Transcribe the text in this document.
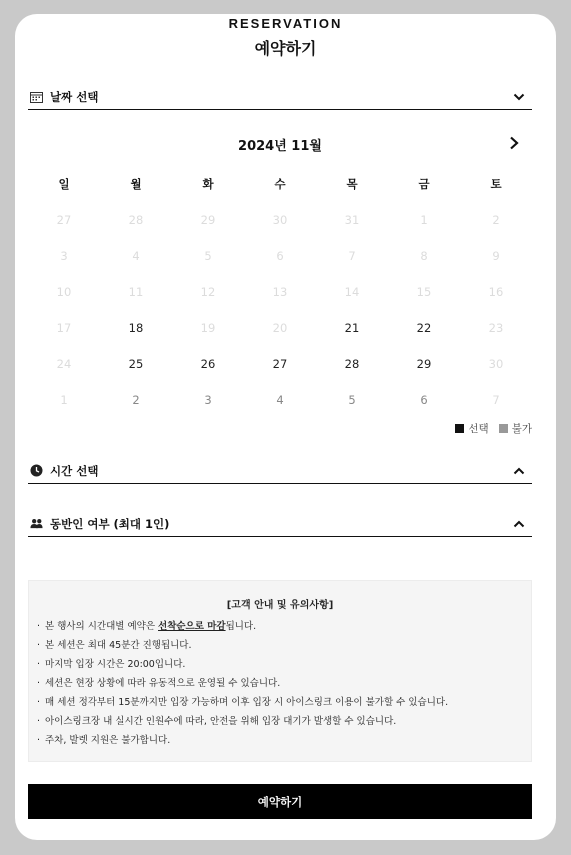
RESERVATION
예약하기
날짜 선택
2024년 11월
일	월	화	수	목	금	토
27	28	29	30	31	1	2
3	4	5	6	7	8	9
10	11	12	13	14	15	16
17	18	19	20	21	22	23
24	25	26	27	28	29	30
1	2	3	4	5	6	7
선택 불가
시간 선택
동반인 여부 (최대 1인)
[고객 안내 및 유의사항]
· 본 행사의 시간대별 예약은 선착순으로 마감됩니다.
· 본 세션은 최대 45분간 진행됩니다.
· 마지막 입장 시간은 20:00입니다.
· 세션은 현장 상황에 따라 유동적으로 운영될 수 있습니다.
· 매 세션 정각부터 15분까지만 입장 가능하며 이후 입장 시 아이스링크 이용이 불가할 수 있습니다.
· 아이스링크장 내 실시간 인원수에 따라, 안전을 위해 입장 대기가 발생할 수 있습니다.
· 주차, 발렛 지원은 불가합니다.
예약하기
